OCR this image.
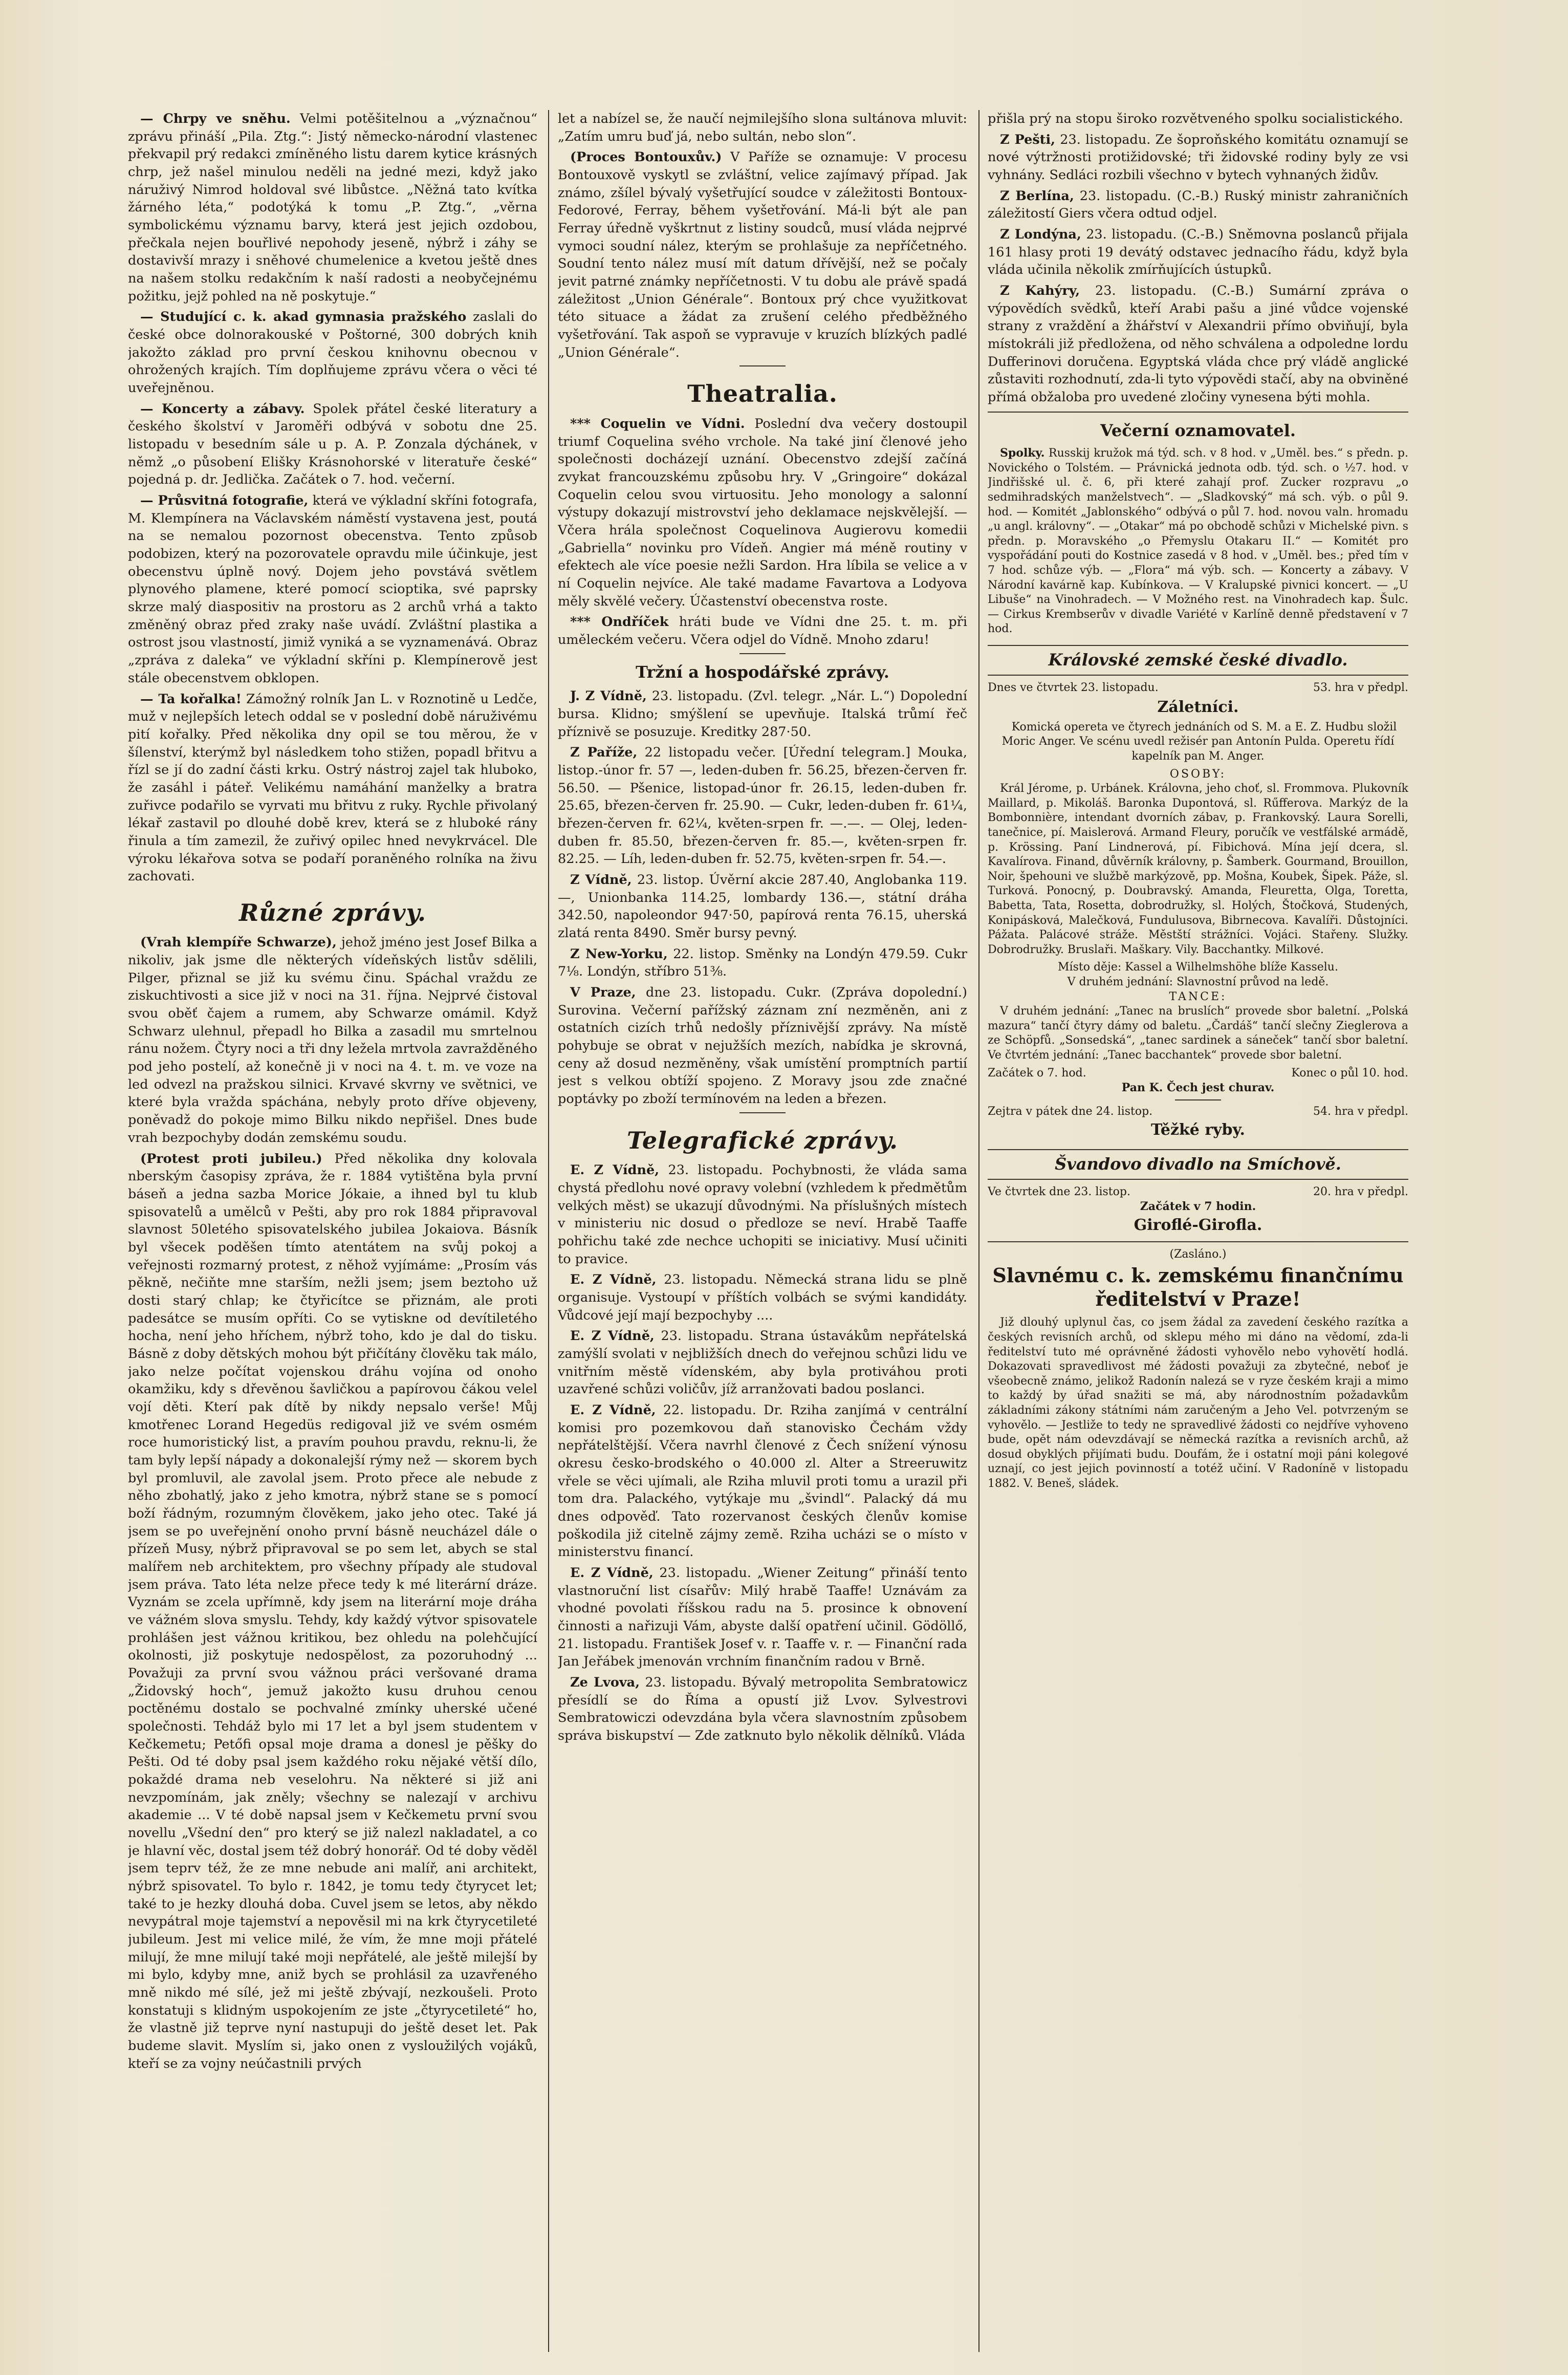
— Chrpy ve sněhu. Velmi potěšitelnou a „význačnou“ zprávu přináší „Pila. Ztg.“: Jistý německo-národní vlastenec překvapil prý redakci zmíněného listu darem kytice krásných chrp, jež našel minulou neděli na jedné mezi, když jako náruživý Nimrod holdoval své libůstce. „Něžná tato kvítka žárného léta,“ podotýká k tomu „P. Ztg.“, „věrna symbolickému významu barvy, která jest jejich ozdobou, přečkala nejen bouřlivé nepohody jeseně, nýbrž i záhy se dostavivší mrazy i sněhové chumelenice a kvetou ještě dnes na našem stolku redakčním k naší radosti a neobyčejnému požitku, jejž pohled na ně poskytuje.“

— Studující c. k. akad gymnasia pražského zaslali do české obce dolnorakouské v Poštorné, 300 dobrých knih jakožto základ pro první českou knihovnu obecnou v ohrožených krajích. Tím doplňujeme zprávu včera o věci té uveřejněnou.

— Koncerty a zábavy. Spolek přátel české literatury a českého školství v Jaroměři odbývá v sobotu dne 25. listopadu v besedním sále u p. A. P. Zonzala dýchánek, v němž „o působení Elišky Krásnohorské v literatuře české“ pojedná p. dr. Jedlička. Začátek o 7. hod. večerní.

— Průsvitná fotografie, která ve výkladní skříni fotografa, M. Klempínera na Václavském náměstí vystavena jest, poutá na se nemalou pozornost obecenstva. Tento způsob podobizen, který na pozorovatele opravdu mile účinkuje, jest obecenstvu úplně nový. Dojem jeho povstává světlem plynového plamene, které pomocí scioptika, své paprsky skrze malý diaspositiv na prostoru as 2 archů vrhá a takto změněný obraz před zraky naše uvádí. Zvláštní plastika a ostrost jsou vlastností, jimiž vyniká a se vyznamenává. Obraz „zpráva z daleka“ ve výkladní skříni p. Klempínerově jest stále obecenstvem obklopen.

— Ta kořalka! Zámožný rolník Jan L. v Roznotině u Ledče, muž v nejlepších letech oddal se v poslední době náruživému pití kořalky. Před několika dny opil se tou měrou, že v šílenství, kterýmž byl následkem toho stižen, popadl břitvu a řízl se jí do zadní části krku. Ostrý nástroj zajel tak hluboko, že zasáhl i páteř. Velikému namáhání manželky a bratra zuřivce podařilo se vyrvati mu břitvu z ruky. Rychle přivolaný lékař zastavil po dlouhé době krev, která se z hluboké rány řinula a tím zamezil, že zuřivý opilec hned nevykrvácel. Dle výroku lékařova sotva se podaří poraněného rolníka na živu zachovati.

Různé zprávy.

(Vrah klempíře Schwarze), jehož jméno jest Josef Bilka a nikoliv, jak jsme dle některých vídeňských listův sdělili, Pilger, přiznal se již ku svému činu. Spáchal vraždu ze ziskuchtivosti a sice již v noci na 31. října. Nejprvé čistoval svou oběť čajem a rumem, aby Schwarze omámil. Když Schwarz ulehnul, přepadl ho Bilka a zasadil mu smrtelnou ránu nožem. Čtyry noci a tři dny ležela mrtvola zavražděného pod jeho postelí, až konečně ji v noci na 4. t. m. ve voze na led odvezl na pražskou silnici. Krvavé skvrny ve světnici, ve které byla vražda spáchána, nebyly proto dříve objeveny, poněvadž do pokoje mimo Bilku nikdo nepřišel. Dnes bude vrah bezpochyby dodán zemskému soudu.

(Protest proti jubileu.) Před několika dny kolovala nberským časopisy zpráva, že r. 1884 vytištěna byla první báseň a jedna sazba Morice Jókaie, a ihned byl tu klub spisovatelů a umělců v Pešti, aby pro rok 1884 připravoval slavnost 50letého spisovatelského jubilea Jokaiova. Básník byl všecek poděšen tímto atentátem na svůj pokoj a veřejnosti rozmarný protest, z něhož vyjímáme: „Prosím vás pěkně, nečiňte mne starším, nežli jsem; jsem beztoho už dosti starý chlap; ke čtyřicítce se přiznám, ale proti padesátce se musím opříti. Co se vytiskne od devítiletého hocha, není jeho hříchem, nýbrž toho, kdo je dal do tisku. Básně z doby dětských mohou být přičítány člověku tak málo, jako nelze počítat vojenskou dráhu vojína od onoho okamžiku, kdy s dřevěnou šavličkou a papírovou čákou velel vojí děti. Kterí pak dítě by nikdy nepsalo verše! Můj kmotřenec Lorand Hegedüs redigoval již ve svém osmém roce humoristický list, a pravím pouhou pravdu, reknu-li, že tam byly lepší nápady a dokonalejší rýmy než — skorem bych byl promluvil, ale zavolal jsem. Proto přece ale nebude z něho zbohatlý, jako z jeho kmotra, nýbrž stane se s pomocí boží řádným, rozumným člověkem, jako jeho otec. Také já jsem se po uveřejnění onoho první básně neucházel dále o přízeň Musy, nýbrž připravoval se po sem let, abych se stal malířem neb architektem, pro všechny případy ale studoval jsem práva. Tato léta nelze přece tedy k mé literární dráze. Vyznám se zcela upřímně, kdy jsem na literární moje dráha ve vážném slova smyslu. Tehdy, kdy každý výtvor spisovatele prohlášen jest vážnou kritikou, bez ohledu na polehčující okolnosti, již poskytuje nedospělost, za pozoruhodný ... Považuji za první svou vážnou práci veršované drama „Židovský hoch“, jemuž jakožto kusu druhou cenou poctěnému dostalo se pochvalné zmínky uherské učené společnosti. Tehdáž bylo mi 17 let a byl jsem studentem v Kečkemetu; Petőfi opsal moje drama a donesl je pěšky do Pešti. Od té doby psal jsem každého roku nějaké větší dílo, pokaždé drama neb veselohru. Na některé si již ani nevzpomínám, jak zněly; všechny se nalezají v archivu akademie ... V té době napsal jsem v Kečkemetu první svou novellu „Všední den“ pro který se již nalezl nakladatel, a co je hlavní věc, dostal jsem též dobrý honorář. Od té doby věděl jsem teprv též, že ze mne nebude ani malíř, ani architekt, nýbrž spisovatel. To bylo r. 1842, je tomu tedy čtyrycet let; také to je hezky dlouhá doba. Cuvel jsem se letos, aby někdo nevypátral moje tajemství a nepověsil mi na krk čtyrycetileté jubileum. Jest mi velice milé, že vím, že mne moji přátelé milují, že mne milují také moji nepřátelé, ale ještě milejší by mi bylo, kdyby mne, aniž bych se prohlásil za uzavřeného mně nikdo mé sílé, jež mi ještě zbývají, nezkoušeli. Proto konstatuji s klidným uspokojením ze jste „čtyrycetileté“ ho, že vlastně již teprve nyní nastupuji do ještě deset let. Pak budeme slavit. Myslím si, jako onen z vysloužilých vojáků, kteří se za vojny neúčastnili prvých

let a nabízel se, že naučí nejmilejšího slona sultánova mluvit: „Zatím umru buď já, nebo sultán, nebo slon“.

(Proces Bontouxův.) V Paříže se oznamuje: V procesu Bontouxově vyskytl se zvláštní, velice zajímavý případ. Jak známo, zšílel bývalý vyšetřující soudce v záležitosti Bontoux-Fedorové, Ferray, během vyšetřování. Má-li být ale pan Ferray úředně vyškrtnut z listiny soudců, musí vláda nejprvé vymoci soudní nález, kterým se prohlašuje za nepříčetného. Soudní tento nález musí mít datum dřívější, než se počaly jevit patrné známky nepříčetnosti. V tu dobu ale právě spadá záležitost „Union Générale“. Bontoux prý chce využitkovat této situace a žádat za zrušení celého předběžného vyšetřování. Tak aspoň se vypravuje v kruzích blízkých padlé „Union Générale“.

Theatralia.

*** Coquelin ve Vídni. Poslední dva večery dostoupil triumf Coquelina svého vrchole. Na také jiní členové jeho společnosti docházejí uznání. Obecenstvo zdejší začíná zvykat francouzskému způsobu hry. V „Gringoire“ dokázal Coquelin celou svou virtuositu. Jeho monology a salonní výstupy dokazují mistrovství jeho deklamace nejskvělejší. — Včera hrála společnost Coquelinova Augierovu komedii „Gabriella“ novinku pro Vídeň. Angier má méně routiny v efektech ale více poesie nežli Sardon. Hra líbila se velice a v ní Coquelin nejvíce. Ale také madame Favartova a Lodyova měly skvělé večery. Účastenství obecenstva roste.

*** Ondříček hráti bude ve Vídni dne 25. t. m. při uměleckém večeru. Včera odjel do Vídně. Mnoho zdaru!

Tržní a hospodářské zprávy.

J. Z Vídně, 23. listopadu. (Zvl. telegr. „Nár. L.“) Dopolední bursa. Klidno; smýšlení se upevňuje. Italská trůmí řeč příznivě se posuzuje. Kreditky 287·50.

Z Paříže, 22 listopadu večer. [Úřední telegram.] Mouka, listop.-únor fr. 57 —, leden-duben fr. 56.25, březen-červen fr. 56.50. — Pšenice, listopad-únor fr. 26.15, leden-duben fr. 25.65, březen-červen fr. 25.90. — Cukr, leden-duben fr. 61¼, březen-červen fr. 62¼, květen-srpen fr. —.—. — Olej, leden-duben fr. 85.50, březen-červen fr. 85.—, květen-srpen fr. 82.25. — Líh, leden-duben fr. 52.75, květen-srpen fr. 54.—.

Z Vídně, 23. listop. Úvěrní akcie 287.40, Anglobanka 119.—, Unionbanka 114.25, lombardy 136.—, státní dráha 342.50, napoleondor 947·50, papírová renta 76.15, uherská zlatá renta 8490. Směr bursy pevný.

Z New-Yorku, 22. listop. Směnky na Londýn 479.59. Cukr 7⅛. Londýn, stříbro 51⅜.

V Praze, dne 23. listopadu. Cukr. (Zpráva dopolední.) Surovina. Večerní pařížský záznam zní nezměněn, ani z ostatních cizích trhů nedošly příznivější zprávy. Na místě pohybuje se obrat v nejužších mezích, nabídka je skrovná, ceny až dosud nezměněny, však umístění promptních partií jest s velkou obtíží spojeno. Z Moravy jsou zde značné poptávky po zboží termínovém na leden a březen.

Telegrafické zprávy.

E. Z Vídně, 23. listopadu. Pochybnosti, že vláda sama chystá předlohu nové opravy volební (vzhledem k předmětům velkých měst) se ukazují důvodnými. Na příslušných místech v ministeriu nic dosud o předloze se neví. Hrabě Taaffe pohřichu také zde nechce uchopiti se iniciativy. Musí učiniti to pravice.

E. Z Vídně, 23. listopadu. Německá strana lidu se plně organisuje. Vystoupí v příštích volbách se svými kandidáty. Vůdcové její mají bezpochyby ....

E. Z Vídně, 23. listopadu. Strana ústavákům nepřátelská zamýšlí svolati v nejbližších dnech do veřejnou schůzi lidu ve vnitřním městě vídenském, aby byla protiváhou proti uzavřené schůzi voličův, jíž arranžovati badou poslanci.

E. Z Vídně, 22. listopadu. Dr. Rziha zanjímá v centrální komisi pro pozemkovou daň stanovisko Čechám vždy nepřátelštější. Včera navrhl členové z Čech snížení výnosu okresu česko-brodského o 40.000 zl. Alter a Streeruwitz vřele se věci ujímali, ale Rziha mluvil proti tomu a urazil při tom dra. Palackého, vytýkaje mu „švindl“. Palacký dá mu dnes odpověď. Tato rozervanost českých členův komise poškodila již citelně zájmy země. Rziha ucházi se o místo v ministerstvu financí.

E. Z Vídně, 23. listopadu. „Wiener Zeitung“ přináší tento vlastnoruční list císařův: Milý hrabě Taaffe! Uznávám za vhodné povolati říšskou radu na 5. prosince k obnovení činnosti a nařizuji Vám, abyste další opatření učinil. Gödöllő, 21. listopadu. František Josef v. r. Taaffe v. r. — Finanční rada Jan Jeřábek jmenován vrchním finančním radou v Brně.

Ze Lvova, 23. listopadu. Bývalý metropolita Sembratowicz přesídlí se do Říma a opustí již Lvov. Sylvestrovi Sembratowiczi odevzdána byla včera slavnostním způsobem správa biskupství — Zde zatknuto bylo několik dělníků. Vláda

přišla prý na stopu široko rozvětveného spolku socialistického.

Z Pešti, 23. listopadu. Ze šoproňského komitátu oznamují se nové výtržnosti protižidovské; tři židovské rodiny byly ze vsi vyhnány. Sedláci rozbili všechno v bytech vyhnaných židův.

Z Berlína, 23. listopadu. (C.-B.) Ruský ministr zahraničních záležitostí Giers včera odtud odjel.

Z Londýna, 23. listopadu. (C.-B.) Sněmovna poslanců přijala 161 hlasy proti 19 devátý odstavec jednacího řádu, když byla vláda učinila několik zmírňujících ústupků.

Z Kahýry, 23. listopadu. (C.-B.) Sumární zpráva o výpovědích svědků, kteří Arabi pašu a jiné vůdce vojenské strany z vraždění a žhářství v Alexandrii přímo obviňují, byla místokráli již předložena, od něho schválena a odpoledne lordu Dufferinovi doručena. Egyptská vláda chce prý vládě anglické zůstaviti rozhodnutí, zda-li tyto výpovědi stačí, aby na obviněné přímá obžaloba pro uvedené zločiny vynesena býti mohla.

Večerní oznamovatel.

Spolky. Russkij kružok má týd. sch. v 8 hod. v „Uměl. bes.“ s předn. p. Novického o Tolstém. — Právnická jednota odb. týd. sch. o ½7. hod. v Jindřišské ul. č. 6, při které zahají prof. Zucker rozpravu „o sedmihradských manželstvech“. — „Sladkovský“ má sch. výb. o půl 9. hod. — Komitét „Jablonského“ odbývá o půl 7. hod. novou valn. hromadu „u angl. královny“. — „Otakar“ má po obchodě schůzi v Michelské pivn. s předn. p. Moravského „o Přemyslu Otakaru II.“ — Komitét pro vyspořádání pouti do Kostnice zasedá v 8 hod. v „Uměl. bes.; před tím v 7 hod. schůze výb. — „Flora“ má výb. sch. — Koncerty a zábavy. V Národní kavárně kap. Kubínkova. — V Kralupské pivnici koncert. — „U Libuše“ na Vinohradech. — V Možného rest. na Vinohradech kap. Šulc. — Cirkus Krembserův v divadle Variété v Karlíně denně představení v 7 hod.

Královské zemské české divadlo.
Dnes ve čtvrtek 23. listopadu.	53. hra v předpl.
Záletníci.

Komická opereta ve čtyrech jednáních od S. M. a E. Z. Hudbu složil Moric Anger. Ve scénu uvedl režisér pan Antonín Pulda. Operetu řídí kapelník pan M. Anger.

OSOBY:

Král Jérome, p. Urbánek. Královna, jeho choť, sl. Frommova. Plukovník Maillard, p. Mikoláš. Baronka Dupontová, sl. Rűfferova. Markýz de la Bombonnière, intendant dvorních zábav, p. Frankovský. Laura Sorelli, tanečnice, pí. Maislerová. Armand Fleury, poručík ve vestfálské armádě, p. Krössing. Paní Lindnerová, pí. Fibichová. Mína její dcera, sl. Kavalírova. Finand, důvěrník královny, p. Šamberk. Gourmand, Brouillon, Noir, špehouni ve službě markýzově, pp. Mošna, Koubek, Šipek. Páže, sl. Turková. Ponocný, p. Doubravský. Amanda, Fleuretta, Olga, Toretta, Babetta, Tata, Rosetta, dobrodružky, sl. Holých, Štočková, Studených, Konipásková, Malečková, Fundulusova, Bibrnecova. Kavalíři. Důstojníci. Pážata. Palácové stráže. Městští strážníci. Vojáci. Stařeny. Služky. Dobrodružky. Bruslaři. Maškary. Vily. Bacchantky. Milkové.

Místo děje: Kassel a Wilhelmshöhe blíže Kasselu.
V druhém jednání: Slavnostní průvod na ledě.
TANCE:

V druhém jednání: „Tanec na bruslích“ provede sbor baletní. „Polská mazura“ tančí čtyry dámy od baletu. „Čardáš“ tančí slečny Zieglerova a ze Schöpfů. „Sonsedská“, „tanec sardinek a sáneček“ tančí sbor baletní. Ve čtvrtém jednání: „Tanec bacchantek“ provede sbor baletní.

Začátek o 7. hod.	Konec o půl 10. hod.
Pan K. Čech jest churav.
Zejtra v pátek dne 24. listop.	54. hra v předpl.
Těžké ryby.
Švandovo divadlo na Smíchově.
Ve čtvrtek dne 23. listop.	20. hra v předpl.
Začátek v 7 hodin.
Giroflé-Girofla.
(Zasláno.)
Slavnému c. k. zemskému finančnímu ředitelství v Praze!

Již dlouhý uplynul čas, co jsem žádal za zavedení českého razítka a českých revisních archů, od sklepu mého mi dáno na vědomí, zda-li ředitelství tuto mé oprávněné žádosti vyhovělo nebo vyhovětí hodlá. Dokazovati spravedlivost mé žádosti považuji za zbytečné, neboť je všeobecně známo, jelikož Radonín nalezá se v ryze českém kraji a mimo to každý by úřad snažiti se má, aby národnostním požadavkům základními zákony státními nám zaručeným a Jeho Vel. potvrzeným se vyhovělo. — Jestliže to tedy ne spravedlivé žádosti co nejdříve vyhoveno bude, opět nám odevzdávají se německá razítka a revisních archů, až dosud obyklých přijímati budu. Doufám, že i ostatní moji páni kolegové uznají, co jest jejich povinností a totéž učiní. V Radoníně v listopadu 1882. V. Beneš, sládek.
